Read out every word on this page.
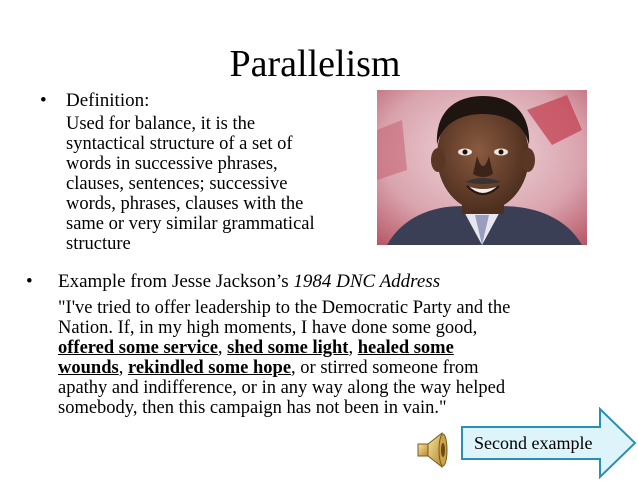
Parallelism
• Definition:
Used for balance, it is the
syntactical structure of a set of
words in successive phrases,
clauses, sentences; successive
words, phrases, clauses with the
same or very similar grammatical
structure
• Example from Jesse Jackson’s 1984 DNC Address
"I've tried to offer leadership to the Democratic Party and the
Nation. If, in my high moments, I have done some good,
offered some service, shed some light, healed some
wounds, rekindled some hope, or stirred someone from
apathy and indifference, or in any way along the way helped
somebody, then this campaign has not been in vain."
Second example
